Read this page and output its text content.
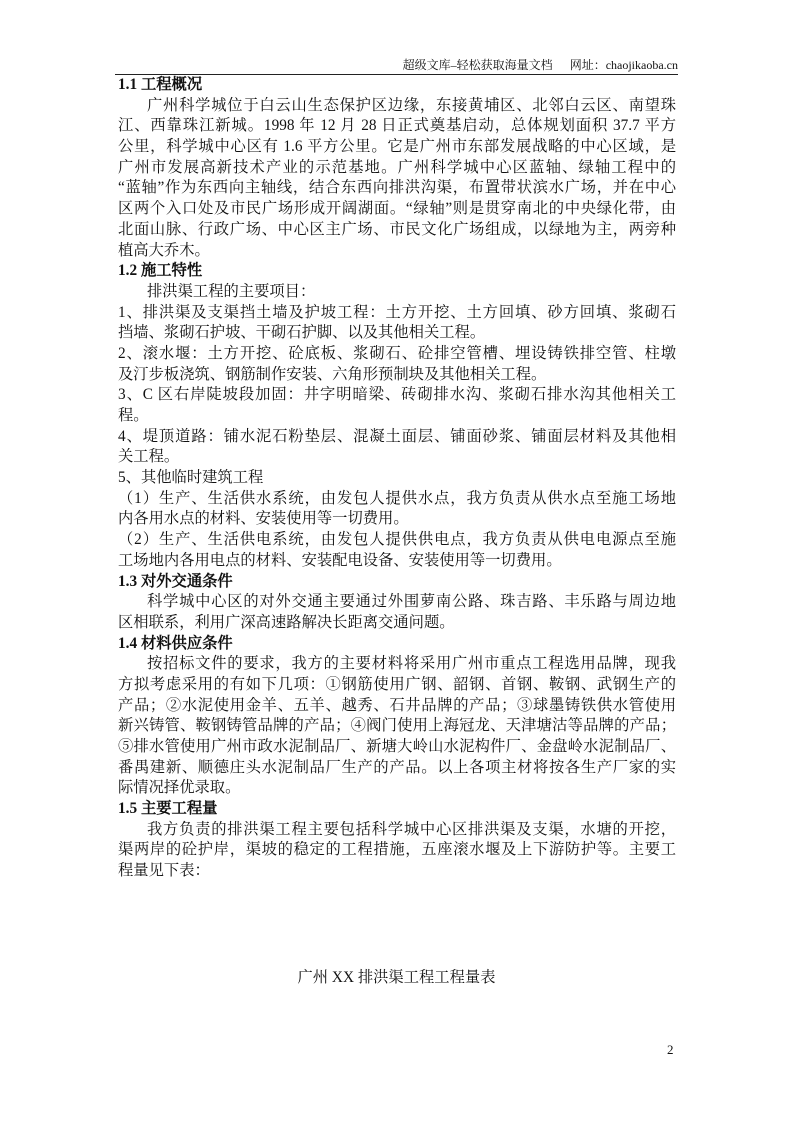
超级文库–轻松获取海量文档 网址：chaojikaoba.cn
1.1 工程概况
广州科学城位于白云山生态保护区边缘，东接黄埔区、北邻白云区、南望珠
江、西靠珠江新城。1998 年 12 月 28 日正式奠基启动，总体规划面积 37.7 平方
公里，科学城中心区有 1.6 平方公里。它是广州市东部发展战略的中心区域，是
广州市发展高新技术产业的示范基地。广州科学城中心区蓝轴、绿轴工程中的
“蓝轴”作为东西向主轴线，结合东西向排洪沟渠，布置带状滨水广场，并在中心
区两个入口处及市民广场形成开阔湖面。“绿轴”则是贯穿南北的中央绿化带，由
北面山脉、行政广场、中心区主广场、市民文化广场组成，以绿地为主，两旁种
植高大乔木。
1.2 施工特性
排洪渠工程的主要项目：
1、排洪渠及支渠挡土墙及护坡工程：土方开挖、土方回填、砂方回填、浆砌石
挡墙、浆砌石护坡、干砌石护脚、以及其他相关工程。
2、滚水堰：土方开挖、砼底板、浆砌石、砼排空管槽、埋设铸铁排空管、柱墩
及汀步板浇筑、钢筋制作安装、六角形预制块及其他相关工程。
3、C 区右岸陡坡段加固：井字明暗梁、砖砌排水沟、浆砌石排水沟其他相关工
程。
4、堤顶道路：铺水泥石粉垫层、混凝土面层、铺面砂浆、铺面层材料及其他相
关工程。
5、其他临时建筑工程
（1）生产、生活供水系统，由发包人提供水点，我方负责从供水点至施工场地
内各用水点的材料、安装使用等一切费用。
（2）生产、生活供电系统，由发包人提供供电点，我方负责从供电电源点至施
工场地内各用电点的材料、安装配电设备、安装使用等一切费用。
1.3 对外交通条件
科学城中心区的对外交通主要通过外围萝南公路、珠吉路、丰乐路与周边地
区相联系，利用广深高速路解决长距离交通问题。
1.4 材料供应条件
按招标文件的要求，我方的主要材料将采用广州市重点工程选用品牌，现我
方拟考虑采用的有如下几项：①钢筋使用广钢、韶钢、首钢、鞍钢、武钢生产的
产品；②水泥使用金羊、五羊、越秀、石井品牌的产品；③球墨铸铁供水管使用
新兴铸管、鞍钢铸管品牌的产品；④阀门使用上海冠龙、天津塘沽等品牌的产品；
⑤排水管使用广州市政水泥制品厂、新塘大岭山水泥构件厂、金盘岭水泥制品厂、
番禺建新、顺德庄头水泥制品厂生产的产品。以上各项主材将按各生产厂家的实
际情况择优录取。
1.5 主要工程量
我方负责的排洪渠工程主要包括科学城中心区排洪渠及支渠，水塘的开挖，
渠两岸的砼护岸，渠坡的稳定的工程措施，五座滚水堰及上下游防护等。主要工
程量见下表：
广州 XX 排洪渠工程工程量表
2
